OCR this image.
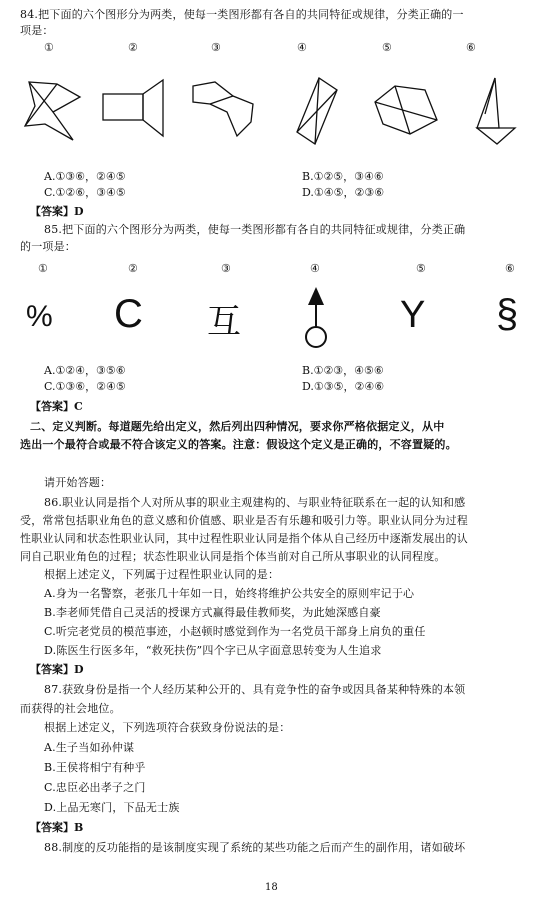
84.把下面的六个图形分为两类，使每一类图形都有各自的共同特征或规律，分类正确的一
项是：
①	②	③	④	⑤	⑥
A.①③⑥，②④⑤	B.①②⑤，③④⑥
C.①②⑥，③④⑤	D.①④⑤，②③⑥
【答案】D
85.把下面的六个图形分为两类，使每一类图形都有各自的共同特征或规律，分类正确
的一项是：
①	②	③	④	⑤	⑥
% C 互	Y §
A.①②④，③⑤⑥	B.①②③，④⑤⑥
C.①③⑥，②④⑤	D.①③⑤，②④⑥
【答案】C
二、定义判断。每道题先给出定义，然后列出四种情况，要求你严格依据定义，从中
选出一个最符合或最不符合该定义的答案。注意：假设这个定义是正确的，不容置疑的。
请开始答题：
86.职业认同是指个人对所从事的职业主观建构的、与职业特征联系在一起的认知和感
受，常常包括职业角色的意义感和价值感、职业是否有乐趣和吸引力等。职业认同分为过程
性职业认同和状态性职业认同，其中过程性职业认同是指个体从自己经历中逐渐发展出的认
同自己职业角色的过程；状态性职业认同是指个体当前对自己所从事职业的认同程度。
根据上述定义，下列属于过程性职业认同的是：
A.身为一名警察，老张几十年如一日，始终将维护公共安全的原则牢记于心
B.李老师凭借自己灵活的授课方式赢得最佳教师奖，为此她深感自豪
C.听完老党员的模范事迹，小赵顿时感觉到作为一名党员干部身上肩负的重任
D.陈医生行医多年，“救死扶伤”四个字已从字面意思转变为人生追求
【答案】D
87.获致身份是指一个人经历某种公开的、具有竞争性的奋争或因具备某种特殊的本领
而获得的社会地位。
根据上述定义，下列选项符合获致身份说法的是：
A.生子当如孙仲谋
B.王侯将相宁有种乎
C.忠臣必出孝子之门
D.上品无寒门，下品无士族
【答案】B
88.制度的反功能指的是该制度实现了系统的某些功能之后而产生的副作用，诸如破坏
18
